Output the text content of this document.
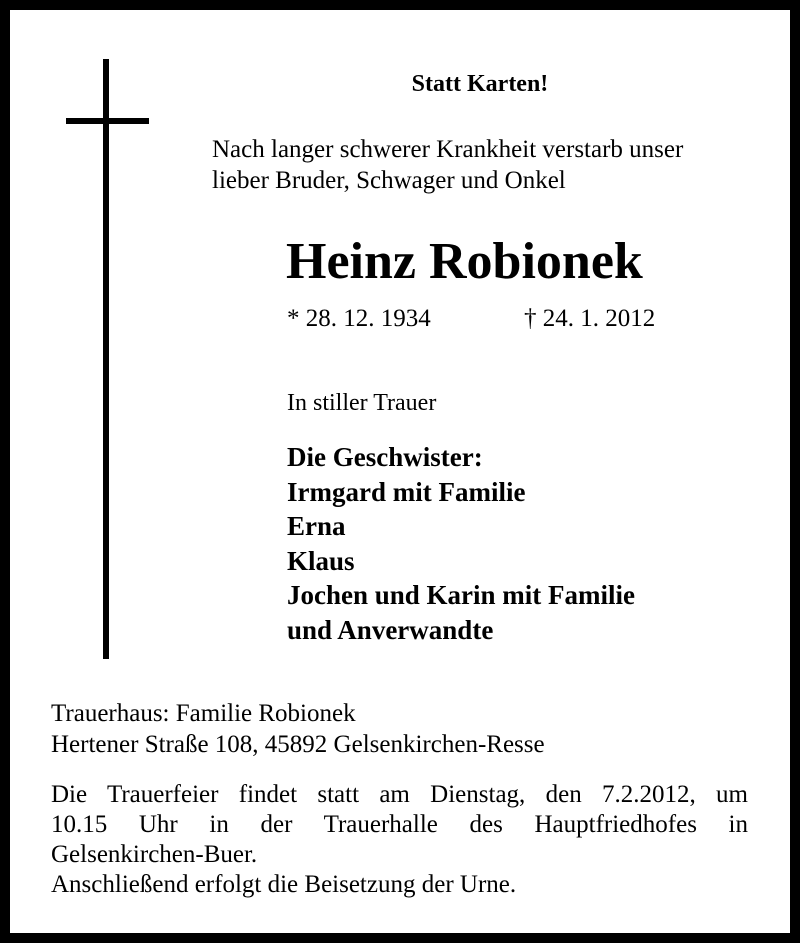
Statt Karten!
Nach langer schwerer Krankheit verstarb unser
lieber Bruder, Schwager und Onkel
Heinz Robionek
* 28. 12. 1934	† 24. 1. 2012
In stiller Trauer
Die Geschwister:
Irmgard mit Familie
Erna
Klaus
Jochen und Karin mit Familie
und Anverwandte
Trauerhaus: Familie Robionek
Hertener Straße 108, 45892 Gelsenkirchen-Resse
Die Trauerfeier findet statt am Dienstag, den 7.2.2012, um
10.15 Uhr in der Trauerhalle des Hauptfriedhofes in
Gelsenkirchen-Buer.
Anschließend erfolgt die Beisetzung der Urne.
